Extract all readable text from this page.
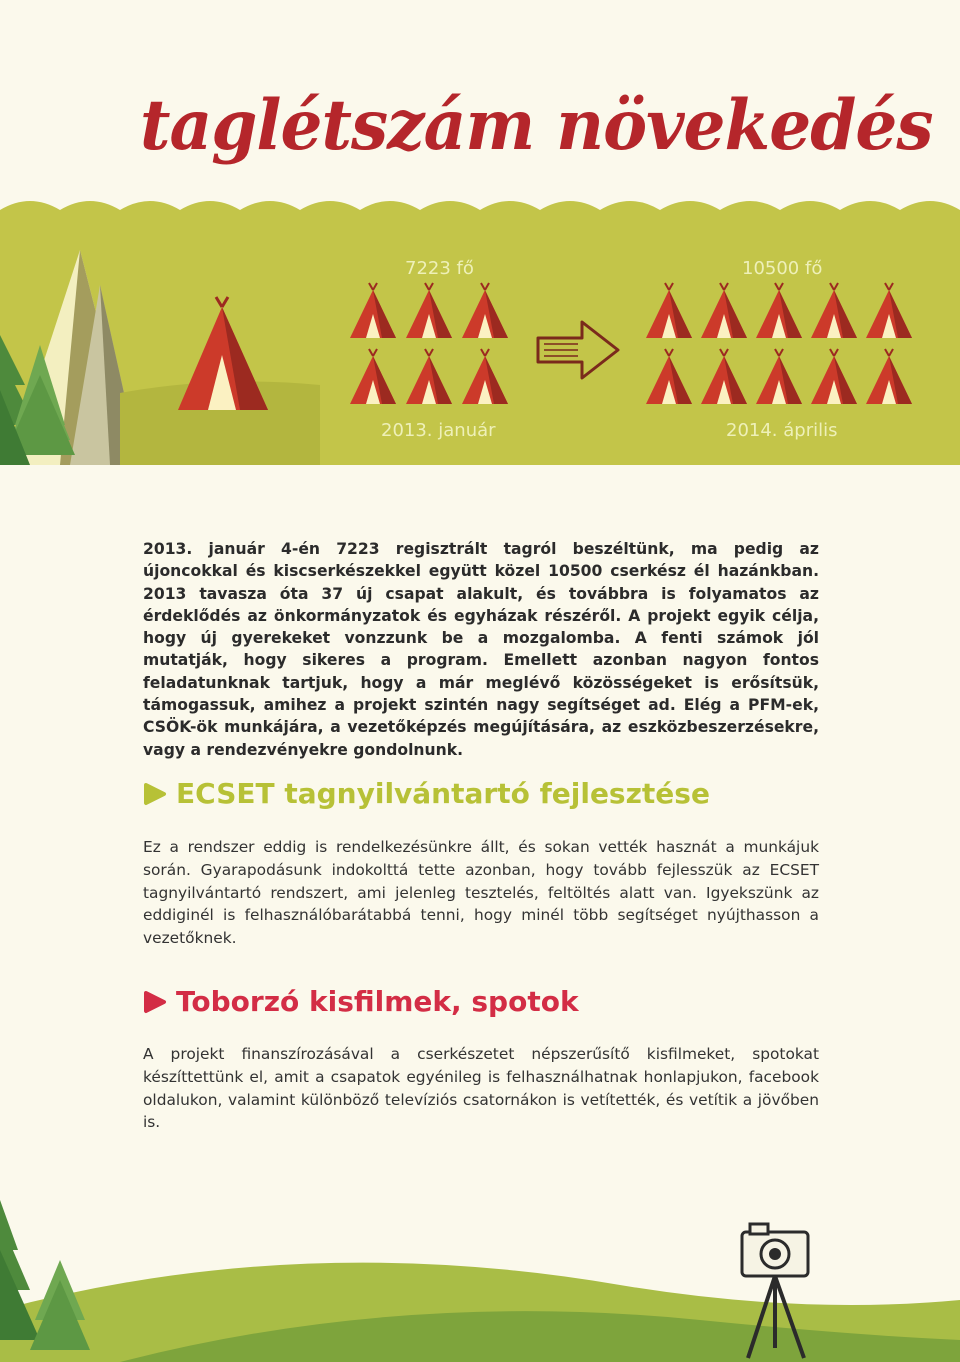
taglétszám növekedés
7223 fő	10500 fő
2013. január	2014. április

2013. január 4-én 7223 regisztrált tagról beszéltünk, ma pedig az újoncokkal és kiscserkészekkel együtt közel 10500 cserkész él hazánkban. 2013 tavasza óta 37 új csapat alakult, és továbbra is folyamatos az érdeklődés az önkormányzatok és egyházak részéről. A projekt egyik célja, hogy új gyerekeket vonzzunk be a mozgalomba. A fenti számok jól mutatják, hogy sikeres a program. Emellett azonban nagyon fontos feladatunknak tartjuk, hogy a már meglévő közösségeket is erősítsük, támogassuk, amihez a projekt szintén nagy segítséget ad. Elég a PFM-ek, CSÖK-ök munkájára, a vezetőképzés megújítására, az eszközbeszerzésekre, vagy a rendezvényekre gondolnunk.

ECSET tagnyilvántartó fejlesztése

Ez a rendszer eddig is rendelkezésünkre állt, és sokan vették hasznát a munkájuk során. Gyarapodásunk indokolttá tette azonban, hogy tovább fejlesszük az ECSET tagnyilvántartó rendszert, ami jelenleg tesztelés, feltöltés alatt van. Igyekszünk az eddiginél is felhasználóbarátabbá tenni, hogy minél több segítséget nyújthasson a vezetőknek.

Toborzó kisfilmek, spotok

A projekt finanszírozásával a cserkészetet népszerűsítő kisfilmeket, spotokat készíttettünk el, amit a csapatok egyénileg is felhasználhatnak honlapjukon, facebook oldalukon, valamint különböző televíziós csatornákon is vetítették, és vetítik a jövőben is.
